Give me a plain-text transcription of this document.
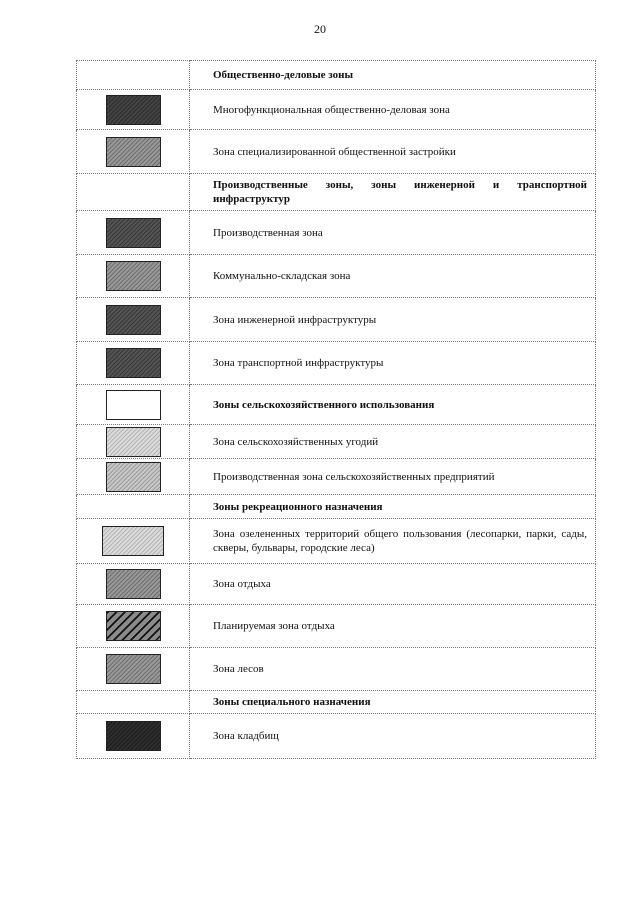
20
	Общественно-деловые зоны
	Многофункциональная общественно-деловая зона
	Зона специализированной общественной застройки
	Производственные зоны, зоны инженерной и транспортной инфраструктур
	Производственная зона
	Коммунально-складская зона
	Зона инженерной инфраструктуры
	Зона транспортной инфраструктуры
	Зоны сельскохозяйственного использования
	Зона сельскохозяйственных угодий
	Производственная зона сельскохозяйственных предприятий
	Зоны рекреационного назначения
	Зона озелененных территорий общего пользования (лесопарки, парки, сады, скверы, бульвары, городские леса)
	Зона отдыха
	Планируемая зона отдыха
	Зона лесов
	Зоны специального назначения
	Зона кладбищ
